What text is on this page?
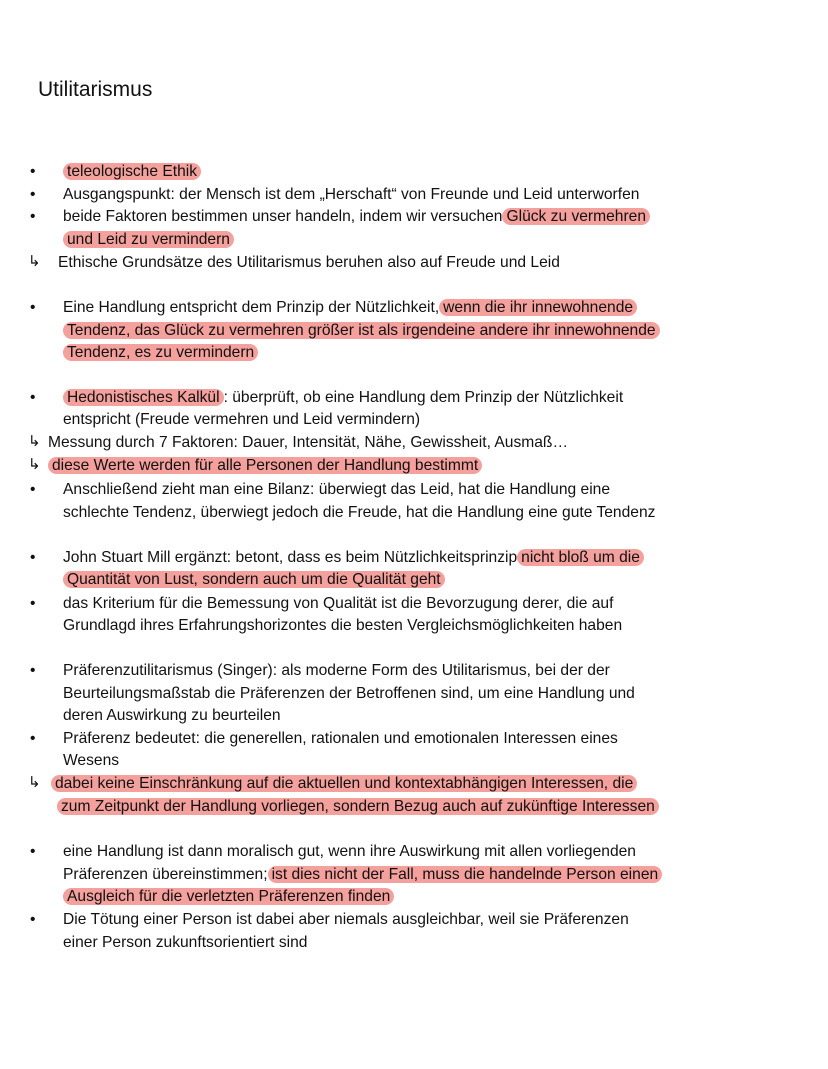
Utilitarismus
• teleologische Ethik
• Ausgangspunkt: der Mensch ist dem „Herschaft“ von Freunde und Leid unterworfen
• beide Faktoren bestimmen unser handeln, indem wir versuchen Glück zu vermehren
und Leid zu vermindern
↳ Ethische Grundsätze des Utilitarismus beruhen also auf Freude und Leid
• Eine Handlung entspricht dem Prinzip der Nützlichkeit, wenn die ihr innewohnende
Tendenz, das Glück zu vermehren größer ist als irgendeine andere ihr innewohnende
Tendenz, es zu vermindern
• Hedonistisches Kalkül : überprüft, ob eine Handlung dem Prinzip der Nützlichkeit
entspricht (Freude vermehren und Leid vermindern)
↳ Messung durch 7 Faktoren: Dauer, Intensität, Nähe, Gewissheit, Ausmaß…
↳ diese Werte werden für alle Personen der Handlung bestimmt
• Anschließend zieht man eine Bilanz: überwiegt das Leid, hat die Handlung eine
schlechte Tendenz, überwiegt jedoch die Freude, hat die Handlung eine gute Tendenz
• John Stuart Mill ergänzt: betont, dass es beim Nützlichkeitsprinzip nicht bloß um die
Quantität von Lust, sondern auch um die Qualität geht
• das Kriterium für die Bemessung von Qualität ist die Bevorzugung derer, die auf
Grundlagd ihres Erfahrungshorizontes die besten Vergleichsmöglichkeiten haben
• Präferenzutilitarismus (Singer): als moderne Form des Utilitarismus, bei der der
Beurteilungsmaßstab die Präferenzen der Betroffenen sind, um eine Handlung und
deren Auswirkung zu beurteilen
• Präferenz bedeutet: die generellen, rationalen und emotionalen Interessen eines
Wesens
↳ dabei keine Einschränkung auf die aktuellen und kontextabhängigen Interessen, die
zum Zeitpunkt der Handlung vorliegen, sondern Bezug auch auf zukünftige Interessen
• eine Handlung ist dann moralisch gut, wenn ihre Auswirkung mit allen vorliegenden
Präferenzen übereinstimmen; ist dies nicht der Fall, muss die handelnde Person einen
Ausgleich für die verletzten Präferenzen finden
• Die Tötung einer Person ist dabei aber niemals ausgleichbar, weil sie Präferenzen
einer Person zukunftsorientiert sind
